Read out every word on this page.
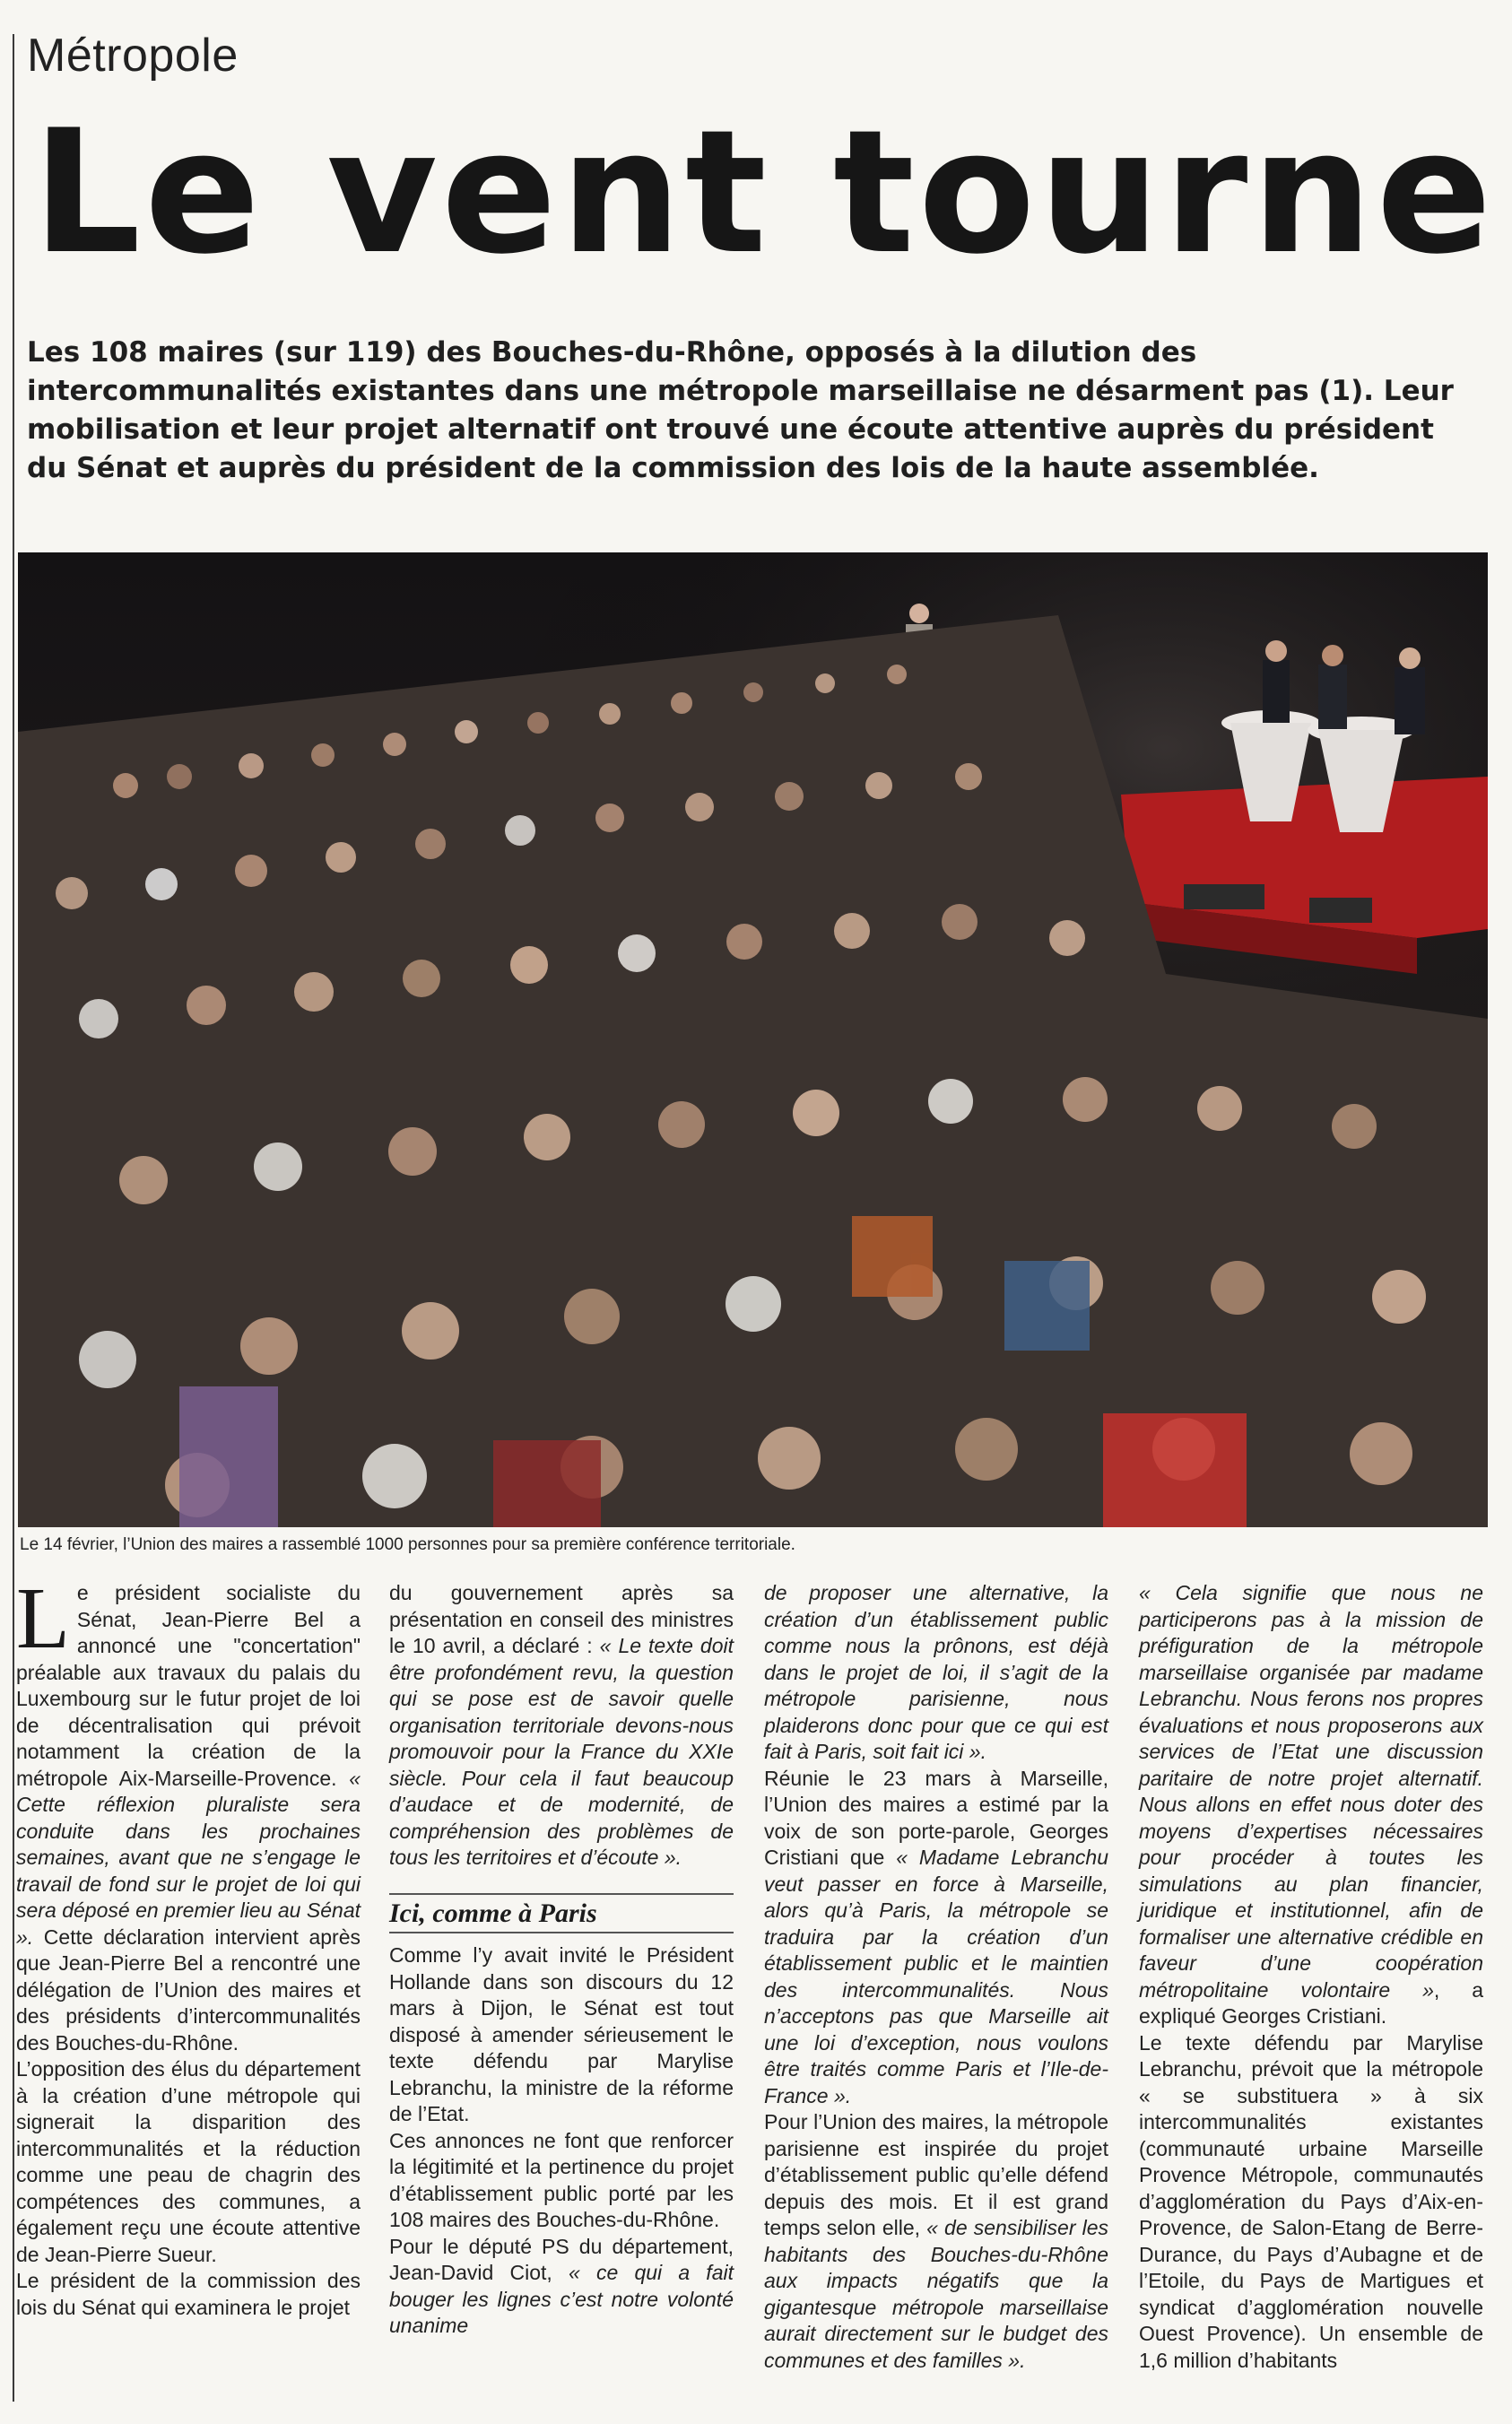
Métropole
Le vent tourne

Les 108 maires (sur 119) des Bouches-du-Rhône, opposés à la dilution des intercommunalités existantes dans une métropole marseillaise ne désarment pas (1). Leur mobilisation et leur projet alternatif ont trouvé une écoute attentive auprès du président du Sénat et auprès du président de la commission des lois de la haute assemblée.

Le 14 février, l’Union des maires a rassemblé 1000 personnes pour sa première conférence territoriale.

Le président socialiste du Sénat, Jean-Pierre Bel a annoncé une "concertation" préalable aux travaux du palais du Luxembourg sur le futur projet de loi de décentralisation qui prévoit notamment la création de la métropole Aix-Marseille-Provence. « Cette réflexion pluraliste sera conduite dans les prochaines semaines, avant que ne s’engage le travail de fond sur le projet de loi qui sera déposé en premier lieu au Sénat ». Cette déclaration intervient après que Jean-Pierre Bel a rencontré une délégation de l’Union des maires et des présidents d’intercommunalités des Bouches-du-Rhône.

L’opposition des élus du département à la création d’une métropole qui signerait la disparition des intercommunalités et la réduction comme une peau de chagrin des compétences des communes, a également reçu une écoute attentive de Jean-Pierre Sueur.

Le président de la commission des lois du Sénat qui examinera le projet

du gouvernement après sa présentation en conseil des ministres le 10 avril, a déclaré : « Le texte doit être profondément revu, la question qui se pose est de savoir quelle organisation territoriale devons-nous promouvoir pour la France du XXIe siècle. Pour cela il faut beaucoup d’audace et de modernité, de compréhension des problèmes de tous les territoires et d’écoute ».

Ici, comme à Paris

Comme l’y avait invité le Président Hollande dans son discours du 12 mars à Dijon, le Sénat est tout disposé à amender sérieusement le texte défendu par Marylise Lebranchu, la ministre de la réforme de l’Etat.

Ces annonces ne font que renforcer la légitimité et la pertinence du projet d’établissement public porté par les 108 maires des Bouches-du-Rhône.

Pour le député PS du département, Jean-David Ciot, « ce qui a fait bouger les lignes c’est notre volonté unanime

de proposer une alternative, la création d’un établissement public comme nous la prônons, est déjà dans le projet de loi, il s’agit de la métropole parisienne, nous plaiderons donc pour que ce qui est fait à Paris, soit fait ici ».

Réunie le 23 mars à Marseille, l’Union des maires a estimé par la voix de son porte-parole, Georges Cristiani que « Madame Lebranchu veut passer en force à Marseille, alors qu’à Paris, la métropole se traduira par la création d’un établissement public et le maintien des intercommunalités. Nous n’acceptons pas que Marseille ait une loi d’exception, nous voulons être traités comme Paris et l’Ile-de-France ».

Pour l’Union des maires, la métropole parisienne est inspirée du projet d’établissement public qu’elle défend depuis des mois. Et il est grand temps selon elle, « de sensibiliser les habitants des Bouches-du-Rhône aux impacts négatifs que la gigantesque métropole marseillaise aurait directement sur le budget des communes et des familles ».

« Cela signifie que nous ne participerons pas à la mission de préfiguration de la métropole marseillaise organisée par madame Lebranchu. Nous ferons nos propres évaluations et nous proposerons aux services de l’Etat une discussion paritaire de notre projet alternatif. Nous allons en effet nous doter des moyens d’expertises nécessaires pour procéder à toutes les simulations au plan financier, juridique et institutionnel, afin de formaliser une alternative crédible en faveur d’une coopération métropolitaine volontaire », a expliqué Georges Cristiani.

Le texte défendu par Marylise Lebranchu, prévoit que la métropole « se substituera » à six intercommunalités existantes (communauté urbaine Marseille Provence Métropole, communautés d’agglomération du Pays d’Aix-en-Provence, de Salon-Etang de Berre-Durance, du Pays d’Aubagne et de l’Etoile, du Pays de Martigues et syndicat d’agglomération nouvelle Ouest Provence). Un ensemble de 1,6 million d’habitants
